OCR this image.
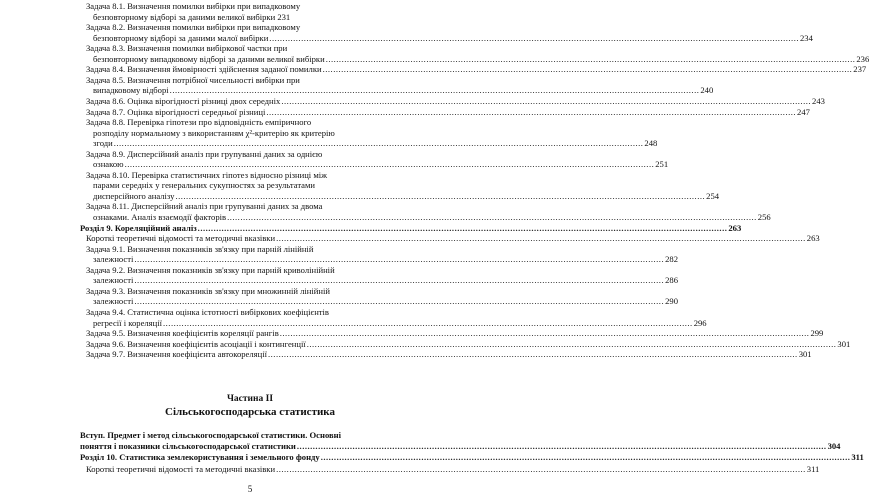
Задача 8.1. Визначення помилки вибірки при випадковому
безповторному відборі за даними великої вибірки 231
Задача 8.2. Визначення помилки вибірки при випадковому
безповторному відборі за даними малої вибірки ........................................................................................................................................................................................................ 234
Задача 8.3. Визначення помилки вибіркової частки при
безповторному випадковому відборі за даними великої вибірки ........................................................................................................................................................................................................ 236
Задача 8.4. Визначення ймовірності здійснення заданої помилки ........................................................................................................................................................................................................ 237
Задача 8.5. Визначення потрібної чисельності вибірки при
випадковому відборі ........................................................................................................................................................................................................ 240
Задача 8.6. Оцінка вірогідності різниці двох середніх ........................................................................................................................................................................................................ 243
Задача 8.7. Оцінка вірогідності середньої різниці ........................................................................................................................................................................................................ 247
Задача 8.8. Перевірка гіпотези про відповідність емпіричного
розподілу нормальному з використанням χ²-критерію як критерію
згоди ........................................................................................................................................................................................................ 248
Задача 8.9. Дисперсійний аналіз при групуванні даних за однією
ознакою ........................................................................................................................................................................................................ 251
Задача 8.10. Перевірка статистичних гіпотез відносно різниці між
парами середніх у генеральних сукупностях за результатами
дисперсійного аналізу ........................................................................................................................................................................................................ 254
Задача 8.11. Дисперсійний аналіз при групуванні даних за двома
ознаками. Аналіз взаємодії факторів ........................................................................................................................................................................................................ 256
Розділ 9. Кореляційний аналіз ........................................................................................................................................................................................................ 263
Короткі теоретичні відомості та методичні вказівки ........................................................................................................................................................................................................ 263
Задача 9.1. Визначення показників зв'язку при парній лінійній
залежності ........................................................................................................................................................................................................ 282
Задача 9.2. Визначення показників зв'язку при парній криволінійній
залежності ........................................................................................................................................................................................................ 286
Задача 9.3. Визначення показників зв'язку при множинній лінійній
залежності ........................................................................................................................................................................................................ 290
Задача 9.4. Статистична оцінка істотності вибіркових коефіцієнтів
регресії і кореляції ........................................................................................................................................................................................................ 296
Задача 9.5. Визначення коефіцієнтів кореляції рангів ........................................................................................................................................................................................................ 299
Задача 9.6. Визначення коефіцієнтів асоціації і контингенції ........................................................................................................................................................................................................ 301
Задача 9.7. Визначення коефіцієнта автокореляції ........................................................................................................................................................................................................ 301
Частина ІІ
Сільськогосподарська статистика
Вступ. Предмет і метод сільськогосподарської статистики. Основні
поняття і показники сільськогосподарської статистики ........................................................................................................................................................................................................ 304
Розділ 10. Статистика землекористування і земельного фонду ........................................................................................................................................................................................................ 311
Короткі теоретичні відомості та методичні вказівки ........................................................................................................................................................................................................ 311
5
